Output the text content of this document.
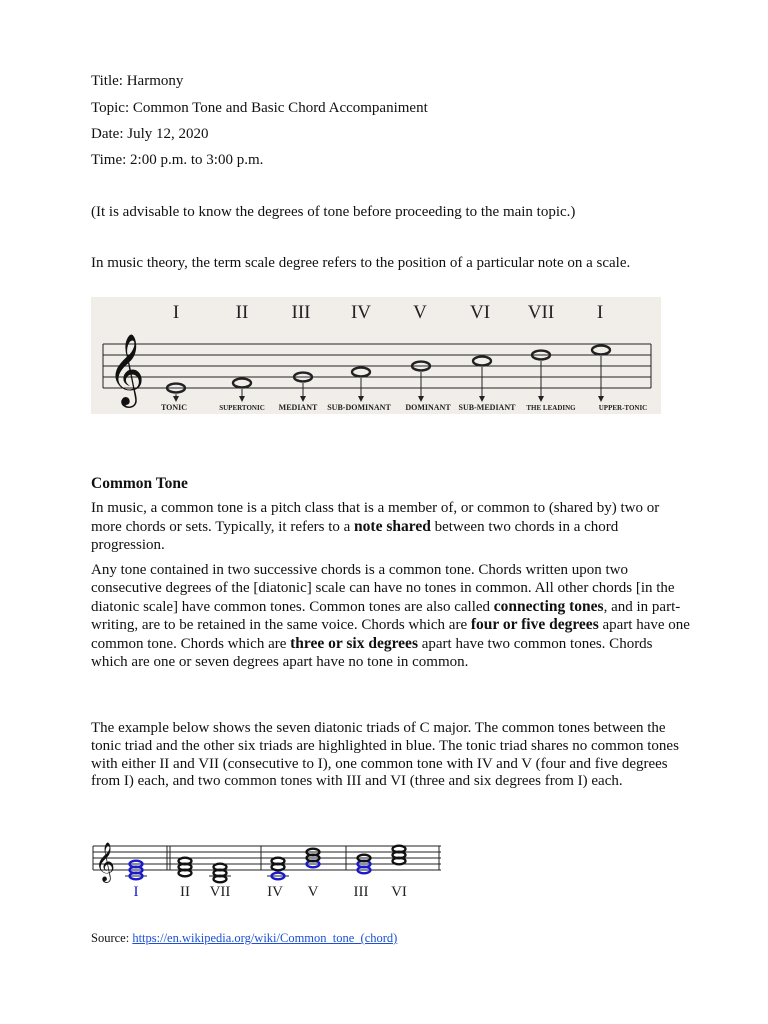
Title: Harmony
Topic: Common Tone and Basic Chord Accompaniment
Date: July 12, 2020
Time: 2:00 p.m. to 3:00 p.m.
(It is advisable to know the degrees of tone before proceeding to the main topic.)
In music theory, the term scale degree refers to the position of a particular note on a scale.
I	II III IV V VI VII I
𝄞
TONIC	SUPERTONIC MEDIANT SUB-DOMINANT DOMINANT SUB-MEDIANT THE LEADING	UPPER-TONIC
Common Tone
In music, a common tone is a pitch class that is a member of, or common to (shared by) two or more chords or sets. Typically, it refers to a note shared between two chords in a chord progression.
Any tone contained in two successive chords is a common tone. Chords written upon two consecutive degrees of the [diatonic] scale can have no tones in common. All other chords [in the diatonic scale] have common tones. Common tones are also called connecting tones, and in part-writing, are to be retained in the same voice. Chords which are four or five degrees apart have one common tone. Chords which are three or six degrees apart have two common tones. Chords which are one or seven degrees apart have no tone in common.
The example below shows the seven diatonic triads of C major. The common tones between the tonic triad and the other six triads are highlighted in blue. The tonic triad shares no common tones with either II and VII (consecutive to I), one common tone with IV and V (four and five degrees from I) each, and two common tones with III and VI (three and six degrees from I) each.
𝄞
I	II VII IV V III VI
Source: https://en.wikipedia.org/wiki/Common_tone_(chord)
